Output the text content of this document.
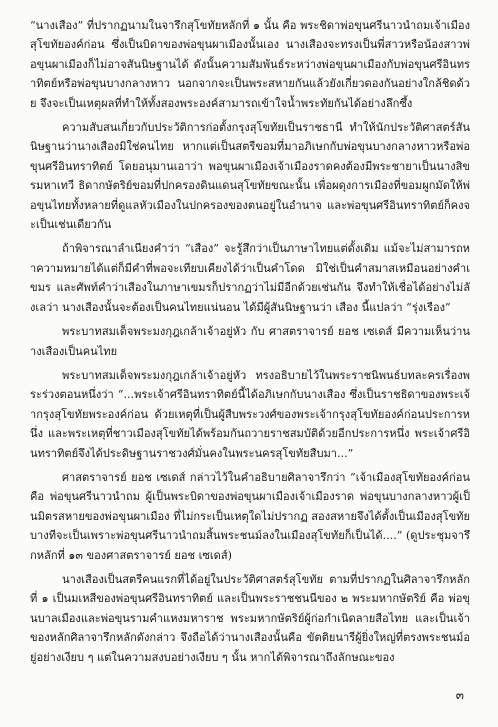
“นางเสือง” ที่ปรากฏนามในจารึกสุโขทัยหลักที่ ๑ นั้น คือ พระชิดาพ่อขุนศรีนาวนำถมเจ้าเมืองสุโขทัยองค์ก่อน ซึ่งเป็นบิดาของพ่อขุนผาเมืองนั้นเอง นางเสืองจะทรงเป็นพี่สาวหรือน้องสาวพ่อขุนผาเมืองก็ไม่อาจสันนิษฐานได้ ดังนั้นความสัมพันธ์ระหว่างพ่อขุนผาเมืองกับพ่อขุนศรีอินทราทิตย์หรือพ่อขุนบางกลางหาว นอกจากจะเป็นพระสหายกันแล้วยังเกี่ยวดองกันอย่างใกล้ชิดด้วย จึงจะเป็นเหตุผลที่ทำให้ทั้งสองพระองค์สามารถเข้าใจน้ำพระทัยกันได้อย่างลึกซึ้ง

ความสับสนเกี่ยวกับประวัติการก่อตั้งกรุงสุโขทัยเป็นราชธานี ทำให้นักประวัติศาสตร์สันนิษฐานว่านางเสืองมิใช่คนไทย หากแต่เป็นสตรีขอมที่มาอภิเษกกับพ่อขุนบางกลางหาวหรือพ่อขุนศรีอินทราทิตย์ โดยอนุมานเอาว่า พอขุนผาเมืองเจ้าเมืองราดคงต้องมีพระชายาเป็นนางสิขรมหาเทวี ธิดากษัตริย์ขอมที่ปกครองดินแดนสุโขทัยขณะนั้น เพื่อผดุงการเมืองที่ขอมผูกมัดให้พ่อขุนไทยทั้งหลายที่ดูแลหัวเมืองในปกครองของตนอยู่ในอำนาจ และพ่อขุนศรีอินทราทิตย์ก็คงจะเป็นเช่นเดียวกัน

ถ้าพิจารณาลำเนียงคำว่า “เสือง” จะรู้สึกว่าเป็นภาษาไทยแต่ดั้งเดิม แม้จะไม่สามารถหาความหมายได้แต่ก็มีคำที่พอจะเทียบเคียงได้ว่าเป็นคำโดด มิใช่เป็นคำสมาสเหมือนอย่างคำเขมร และศัพท์คำว่าเสืองในภาษาเขมรก็ปรากฏว่าไม่มีอีกด้วยเช่นกัน จึงทำให้เชื่อได้อย่างไม่ลังเลว่า นางเสืองนั้นจะต้องเป็นคนไทยแน่นอน ได้มีผู้สันนิษฐานว่า เสือง นี้แปลว่า “รุ่งเรือง”

พระบาทสมเด็จพระมงกุฎเกล้าเจ้าอยู่หัว กับ ศาสตราจารย์ ยอช เซเดส์ มีความเห็นว่านางเสืองเป็นคนไทย

พระบาทสมเด็จพระมงกุฎเกล้าเจ้าอยู่หัว ทรงอธิบายไว้ในพระราชนิพนธ์บทละครเรื่องพระร่วงตอนหนึ่งว่า “...พระเจ้าศรีอินทราทิตย์นี้ได้อภิเษกกับนางเสือง ซึ่งเป็นราชธิดาของพระเจ้ากรุงสุโขทัยพระองค์ก่อน ด้วยเหตุที่เป็นผู้สืบพระวงศ์ของพระเจ้ากรุงสุโขทัยองค์ก่อนประการหนึ่ง และพระเหตุที่ชาวเมืองสุโขทัยได้พร้อมกันถวายราชสมบัติด้วยอีกประการหนึ่ง พระเจ้าศรีอินทราทิตย์จึงได้ประดิษฐานราชวงศ์มั่นคงในพระนครสุโขทัยสืบมา...”

ศาสตราจารย์ ยอช เซเดส์ กล่าวไว้ในคำอธิบายศิลาจารึกว่า “เจ้าเมืองสุโขทัยองค์ก่อนคือ พ่อขุนศรีนาวนำถม ผู้เป็นพระบิดาของพ่อขุนผาเมืองเจ้าเมืองราด พ่อขุนบางกลางหาวผู้เป็นมิตรสหายของพ่อขุนผาเมือง ที่ไม่กระเป็นเหตุใดไม่ปรากฏ สองสหายจึงได้ตั้งเป็นเมืองสุโขทัยบางทีจะเป็นเพราะพ่อขุนศรีนาวนำถมสิ้นพระชนม์ลงในเมืองสุโขทัยก็เป็นได้....” (ดูประชุมจารึกหลักที่ ๑๓ ของศาสตราจารย์ ยอช เซเดส์)

นางเสืองเป็นสตรีคนแรกที่ได้อยู่ในประวัติศาสตร์สุโขทัย ตามที่ปรากฏในศิลาจารึกหลักที่ ๑ เป็นมเหสีของพ่อขุนศรีอินทราทิตย์ และเป็นพระราชชนนีของ ๒ พระมหากษัตริย์ คือ พ่อขุนบาลเมืองและพ่อขุนรามคำแหงมหาราช พระมหากษัตริย์ผู้ก่อกำเนิดลายสือไทย และเป็นเจ้าของหลักศิลาจารึกหลักดังกล่าว จึงถือได้ว่านางเสืองนั้นคือ ขัตติยนารีผู้ยิ่งใหญ่ที่ตรงพระชนม์อยู่อย่างเงียบ ๆ แต่ในความสงบอย่างเงียบ ๆ นั้น หากได้พิจารณาถึงลักษณะของ

๓
